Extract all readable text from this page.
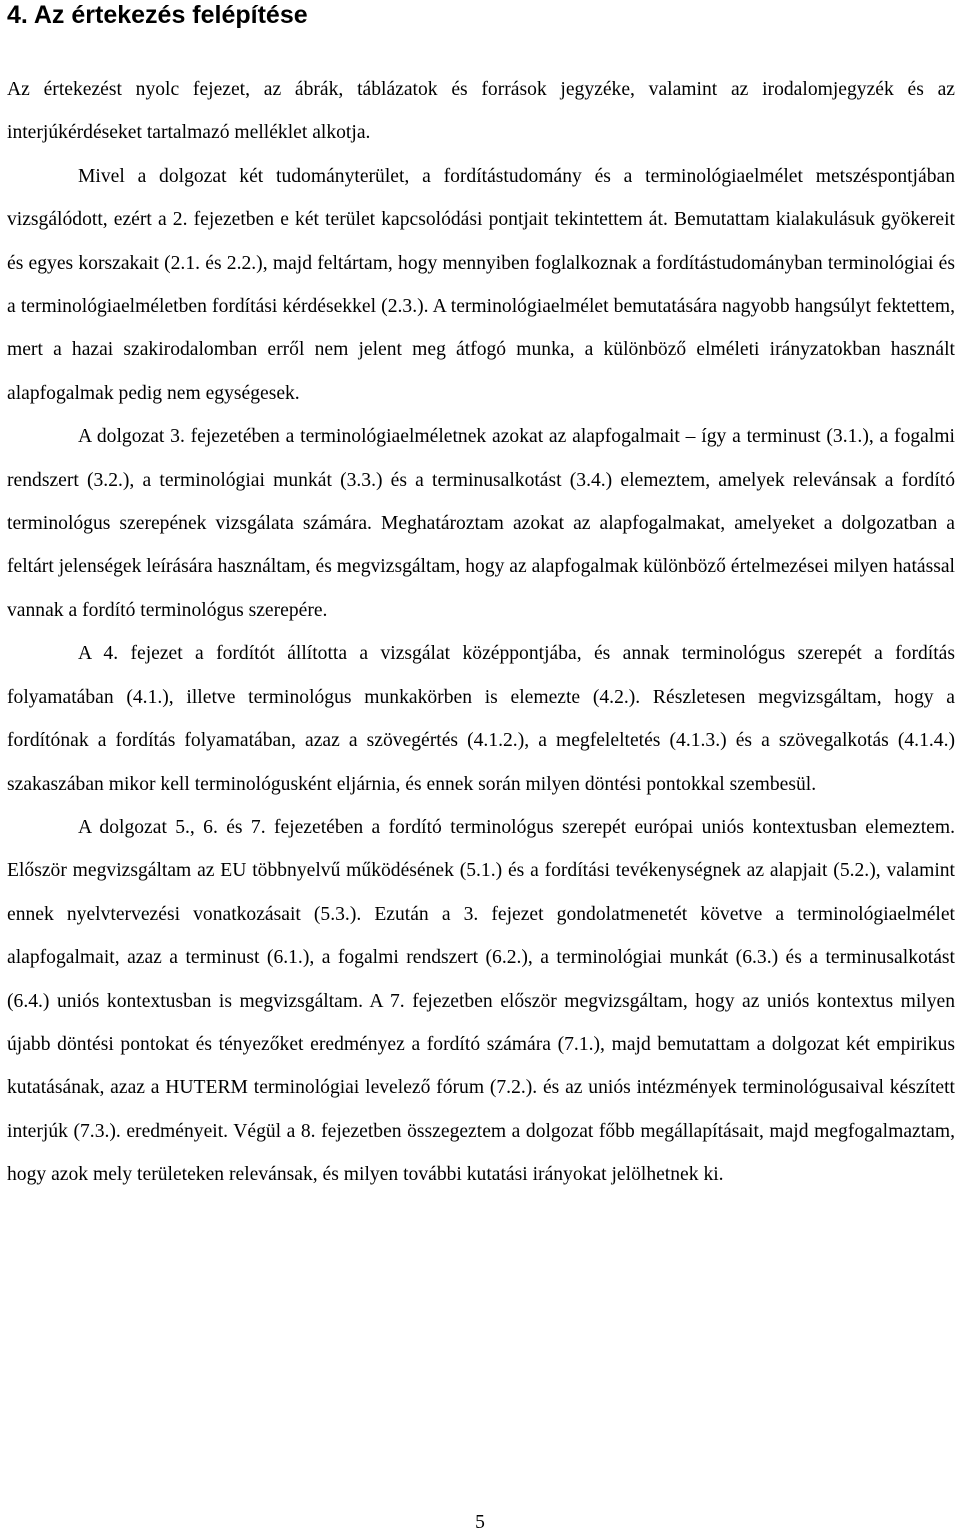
4. Az értekezés felépítése

Az értekezést nyolc fejezet, az ábrák, táblázatok és források jegyzéke, valamint az irodalomjegyzék és az interjúkérdéseket tartalmazó melléklet alkotja.

Mivel a dolgozat két tudományterület, a fordítástudomány és a terminológiaelmélet metszéspontjában vizsgálódott, ezért a 2. fejezetben e két terület kapcsolódási pontjait tekintettem át. Bemutattam kialakulásuk gyökereit és egyes korszakait (2.1. és 2.2.), majd feltártam, hogy mennyiben foglalkoznak a fordítástudományban terminológiai és a terminológiaelméletben fordítási kérdésekkel (2.3.). A terminológiaelmélet bemutatására nagyobb hangsúlyt fektettem, mert a hazai szakirodalomban erről nem jelent meg átfogó munka, a különböző elméleti irányzatokban használt alapfogalmak pedig nem egységesek.

A dolgozat 3. fejezetében a terminológiaelméletnek azokat az alapfogalmait – így a terminust (3.1.), a fogalmi rendszert (3.2.), a terminológiai munkát (3.3.) és a terminusalkotást (3.4.) elemeztem, amelyek relevánsak a fordító terminológus szerepének vizsgálata számára. Meghatároztam azokat az alapfogalmakat, amelyeket a dolgozatban a feltárt jelenségek leírására használtam, és megvizsgáltam, hogy az alapfogalmak különböző értelmezései milyen hatással vannak a fordító terminológus szerepére.

A 4. fejezet a fordítót állította a vizsgálat középpontjába, és annak terminológus szerepét a fordítás folyamatában (4.1.), illetve terminológus munkakörben is elemezte (4.2.). Részletesen megvizsgáltam, hogy a fordítónak a fordítás folyamatában, azaz a szövegértés (4.1.2.), a megfeleltetés (4.1.3.) és a szövegalkotás (4.1.4.) szakaszában mikor kell terminológusként eljárnia, és ennek során milyen döntési pontokkal szembesül.

A dolgozat 5., 6. és 7. fejezetében a fordító terminológus szerepét európai uniós kontextusban elemeztem. Először megvizsgáltam az EU többnyelvű működésének (5.1.) és a fordítási tevékenységnek az alapjait (5.2.), valamint ennek nyelvtervezési vonatkozásait (5.3.). Ezután a 3. fejezet gondolatmenetét követve a terminológiaelmélet alapfogalmait, azaz a terminust (6.1.), a fogalmi rendszert (6.2.), a terminológiai munkát (6.3.) és a terminusalkotást (6.4.) uniós kontextusban is megvizsgáltam. A 7. fejezetben először megvizsgáltam, hogy az uniós kontextus milyen újabb döntési pontokat és tényezőket eredményez a fordító számára (7.1.), majd bemutattam a dolgozat két empirikus kutatásának, azaz a HUTERM terminológiai levelező fórum (7.2.). és az uniós intézmények terminológusaival készített interjúk (7.3.). eredményeit. Végül a 8. fejezetben összegeztem a dolgozat főbb megállapításait, majd megfogalmaztam, hogy azok mely területeken relevánsak, és milyen további kutatási irányokat jelölhetnek ki.

5
